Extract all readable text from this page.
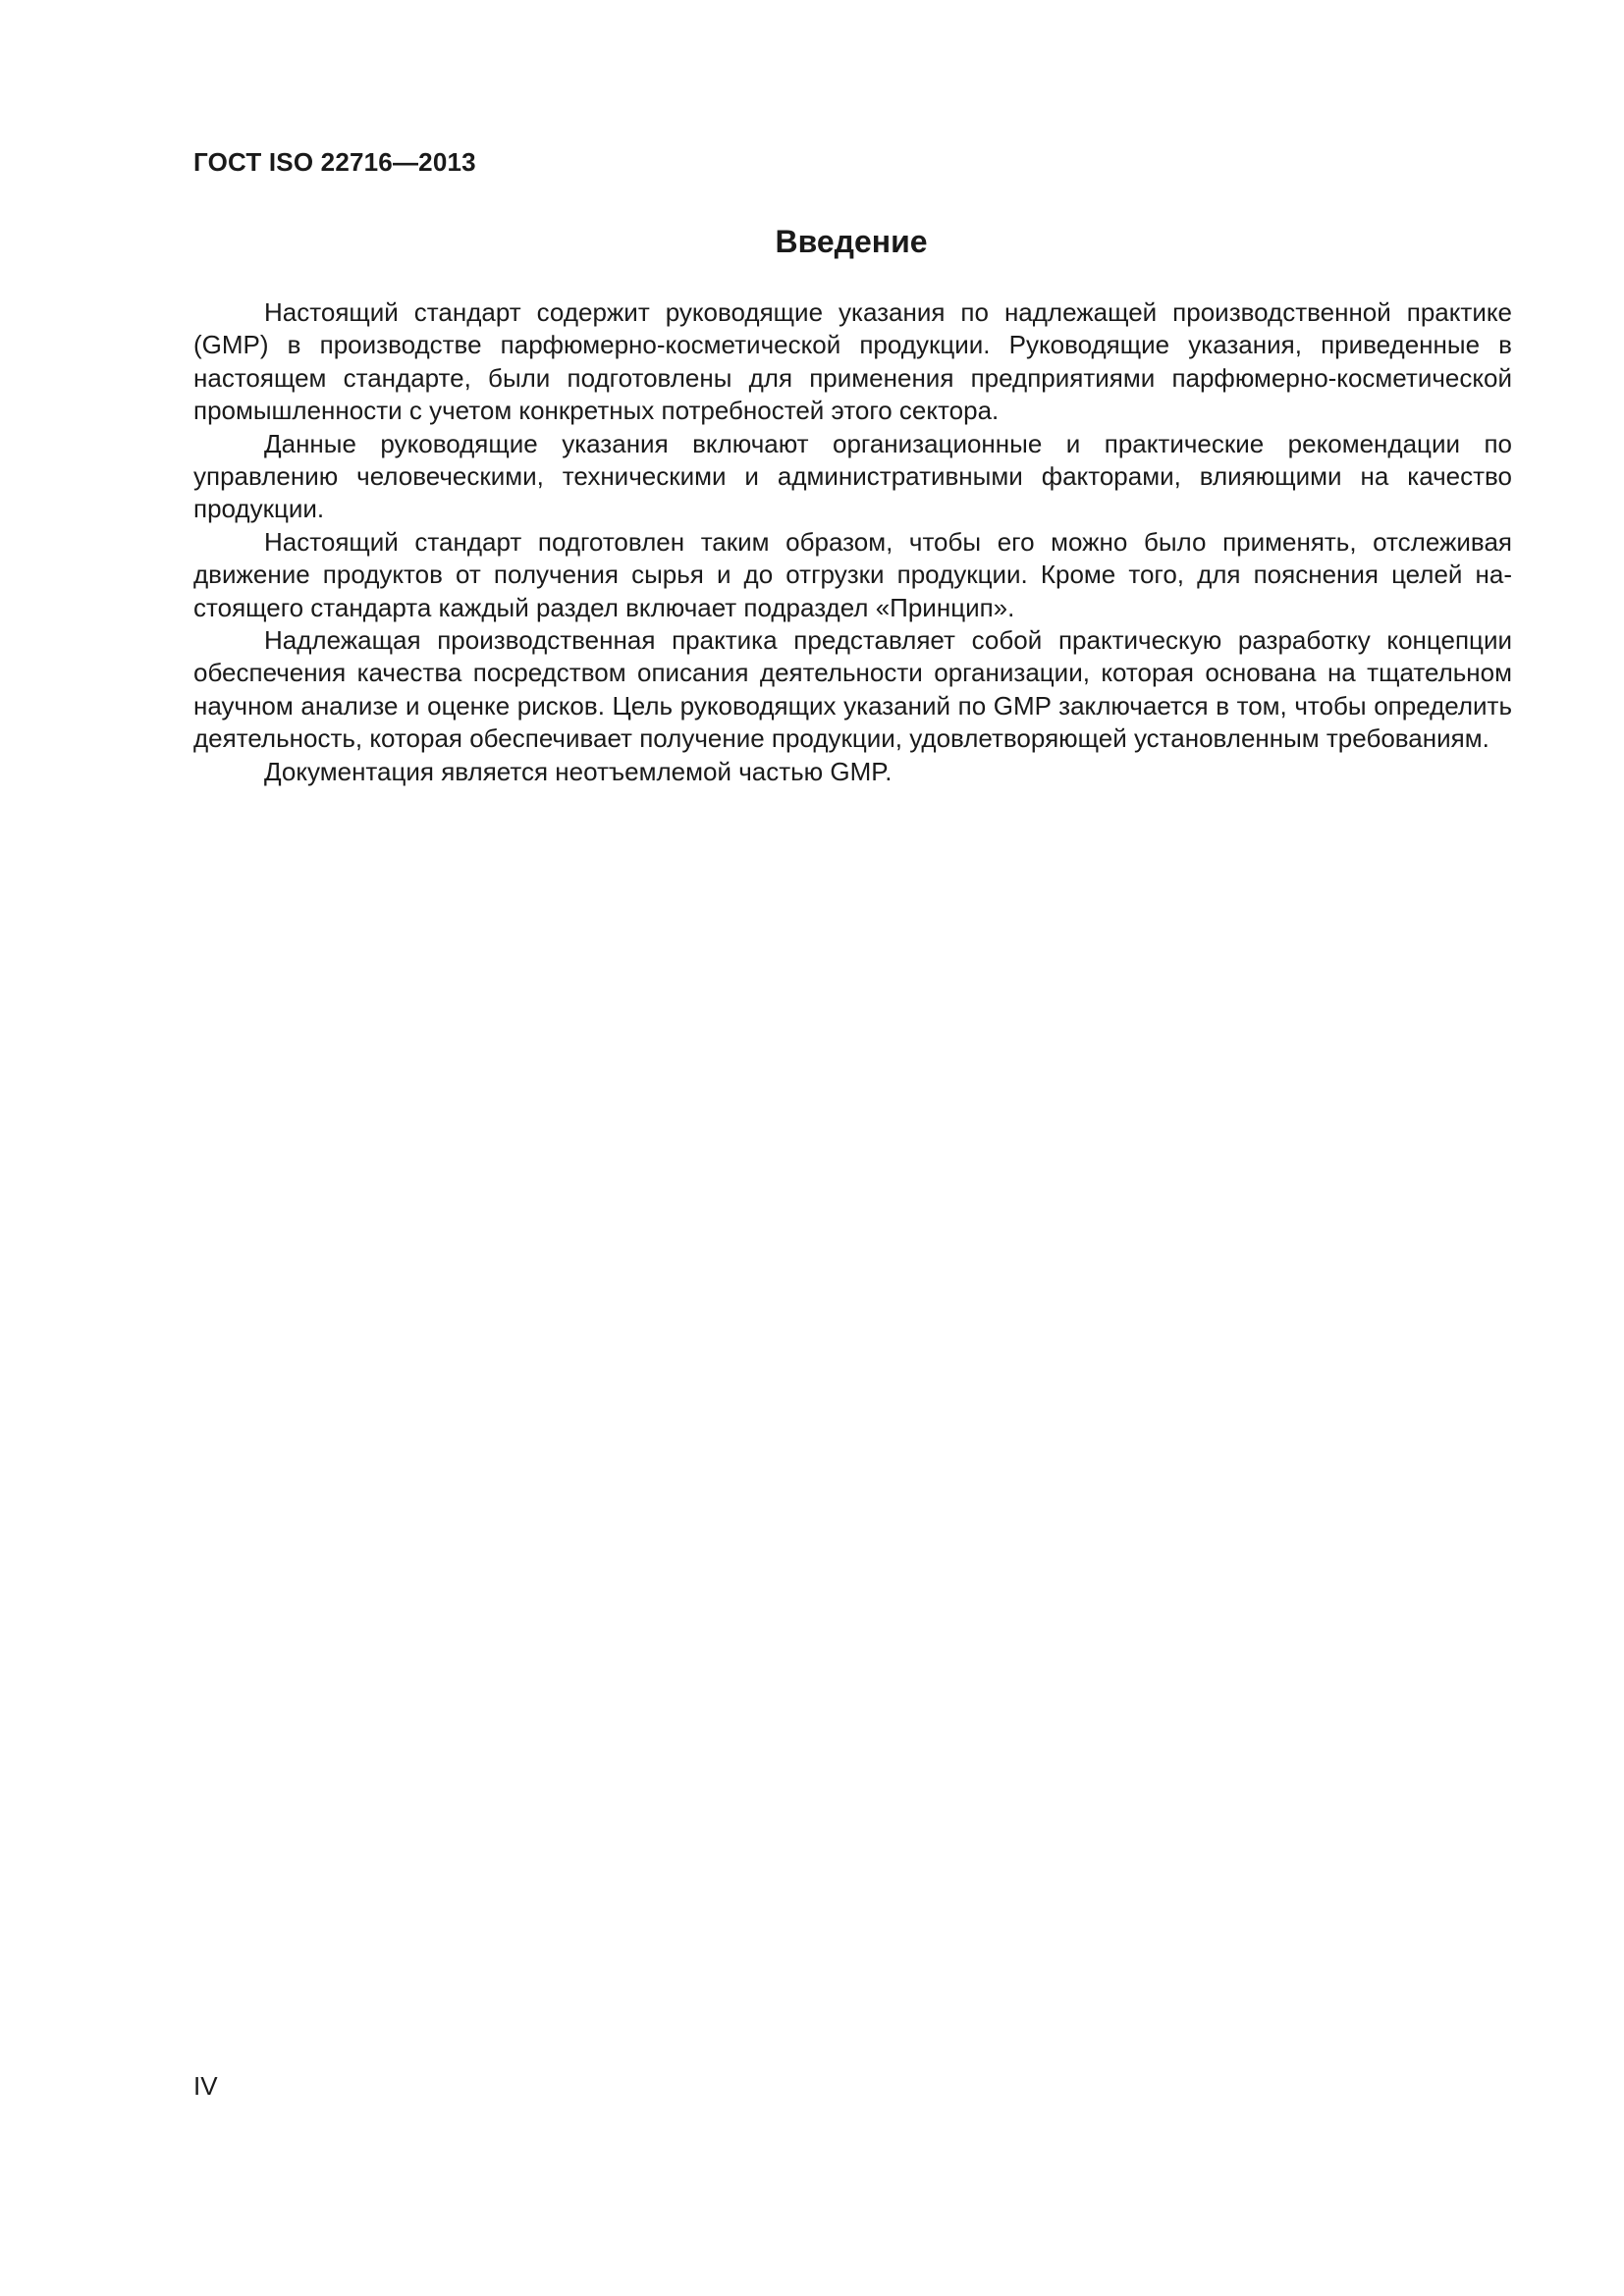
ГОСТ ISO 22716—2013
Введение

Настоящий стандарт содержит руководящие указания по надлежащей производственной практике (GMP) в производстве парфюмерно-косметической продукции. Руководящие указания, приведенные в настоящем стандарте, были подготовлены для применения предприятиями парфюмерно-косметической промышленности с учетом конкретных потребностей этого сектора.

Данные руководящие указания включают организационные и практические рекомендации по управлению человеческими, техническими и административными факторами, влияющими на качество продукции.

Настоящий стандарт подготовлен таким образом, чтобы его можно было применять, отслеживая движение продуктов от получения сырья и до отгрузки продукции. Кроме того, для пояснения целей настоящего стандарта каждый раздел включает подраздел «Принцип».

Надлежащая производственная практика представляет собой практическую разработку концепции обеспечения качества посредством описания деятельности организации, которая основана на тщательном научном анализе и оценке рисков. Цель руководящих указаний по GMP заключается в том, чтобы определить деятельность, которая обеспечивает получение продукции, удовлетворяющей установленным требованиям.

Документация является неотъемлемой частью GMP.

IV
